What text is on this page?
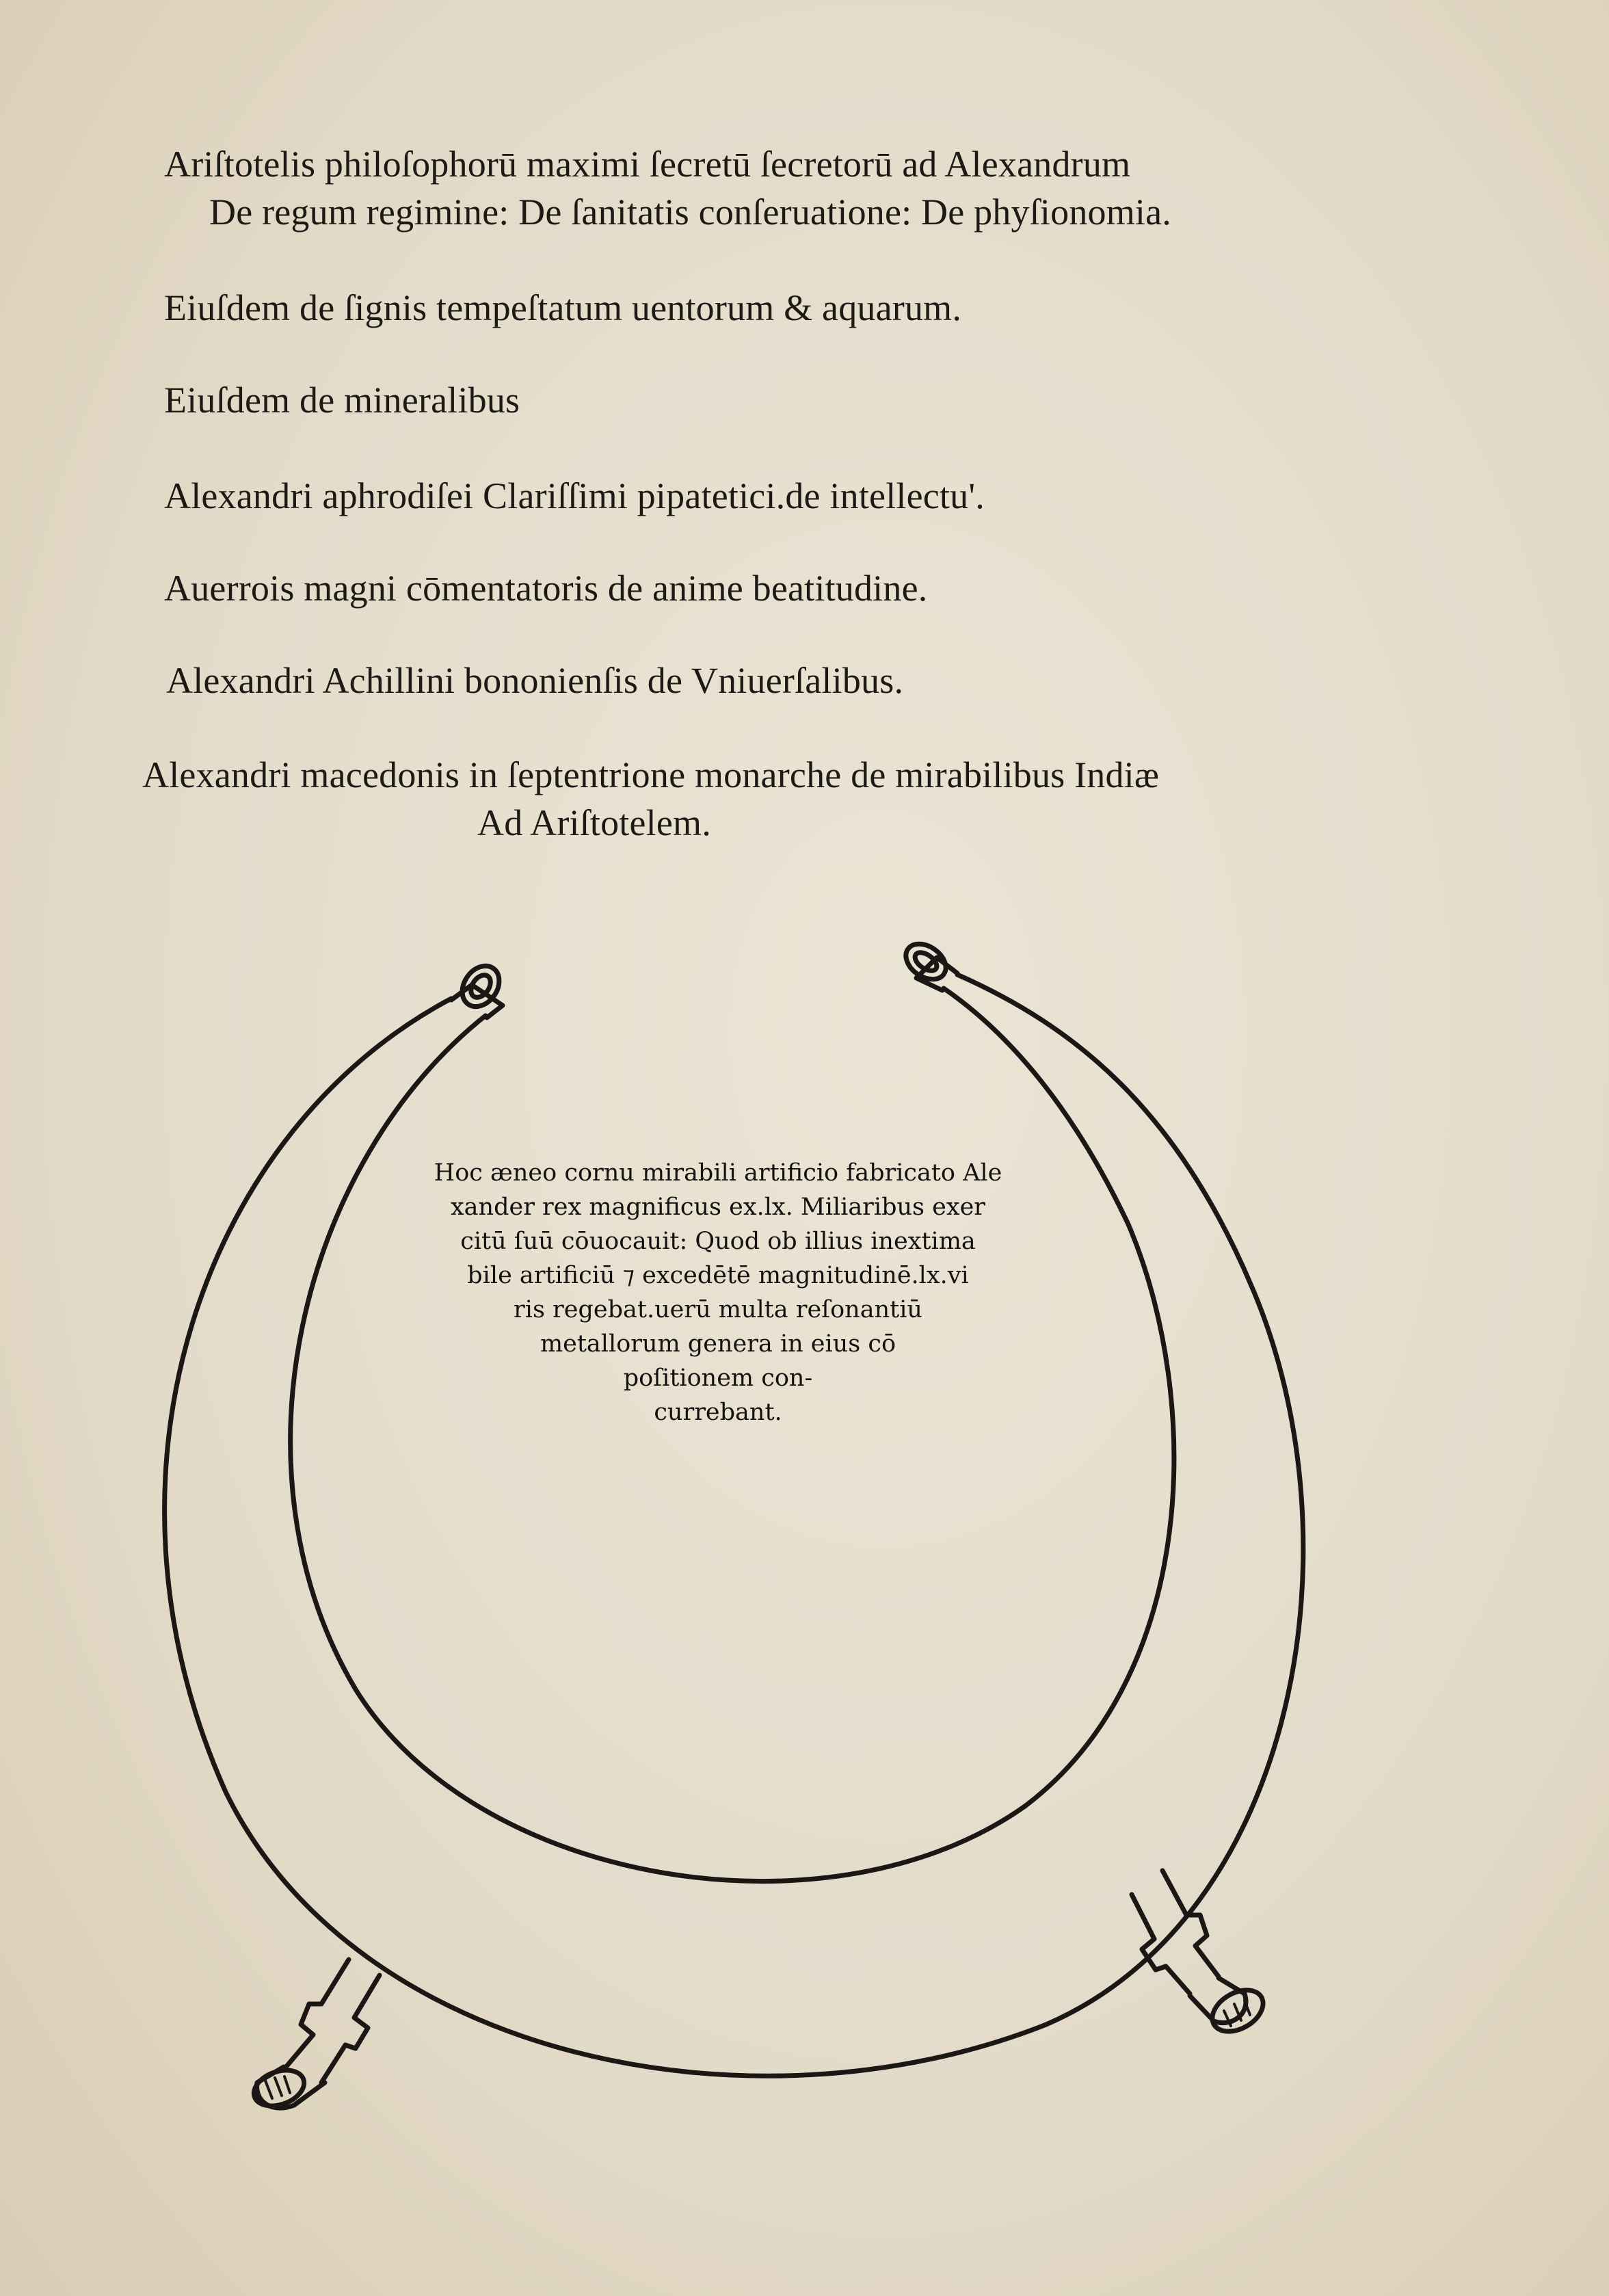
Ariſtotelis philoſophorū maximi ſecretū ſecretorū ad Alexandrum
De regum regimine: De ſanitatis conſeruatione: De phyſionomia.

Eiuſdem de ſignis tempeſtatum uentorum & aquarum.

Eiuſdem de mineralibus

Alexandri aphrodiſei Clariſſimi pipatetici.de intellectu'.

Auerrois magni cōmentatoris de anime beatitudine.

Alexandri Achillini bononienſis de Vniuerſalibus.

Alexandri macedonis in ſeptentrione monarche de mirabilibus Indiæ
Ad Ariſtotelem.

Hoc æneo cornu mirabili artificio fabricato Ale
xander rex magnificus ex.lx. Miliaribus exer
citū ſuū cōuocauit: Quod ob illius inextima
bile artificiū ⁊ excedētē magnitudinē.lx.vi
ris regebat.uerū multa reſonantiū
metallorum genera in eius cō
poſitionem con-
currebant.
